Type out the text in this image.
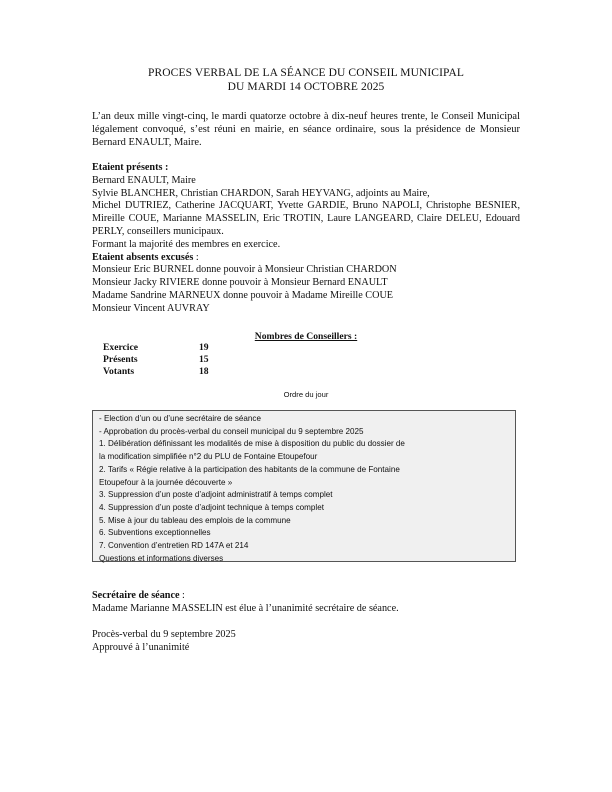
PROCES VERBAL DE LA SÉANCE DU CONSEIL MUNICIPAL
DU MARDI 14 OCTOBRE 2025
L’an deux mille vingt-cinq, le mardi quatorze octobre à dix-neuf heures trente, le Conseil Municipal légalement convoqué, s’est réuni en mairie, en séance ordinaire, sous la présidence de Monsieur Bernard ENAULT, Maire.
Etaient présents :
Bernard ENAULT, Maire
Sylvie BLANCHER, Christian CHARDON, Sarah HEYVANG, adjoints au Maire,
Michel DUTRIEZ, Catherine JACQUART, Yvette GARDIE, Bruno NAPOLI, Christophe BESNIER, Mireille COUE, Marianne MASSELIN, Eric TROTIN, Laure LANGEARD, Claire DELEU, Edouard PERLY, conseillers municipaux.
Formant la majorité des membres en exercice.
Etaient absents excusés :
Monsieur Eric BURNEL donne pouvoir à Monsieur Christian CHARDON
Monsieur Jacky RIVIERE donne pouvoir à Monsieur Bernard ENAULT
Madame Sandrine MARNEUX donne pouvoir à Madame Mireille COUE
Monsieur Vincent AUVRAY
Nombres de Conseillers :
Exercice	19
Présents	15
Votants	18
Ordre du jour
- Election d’un ou d’une secrétaire de séance
- Approbation du procès-verbal du conseil municipal du 9 septembre 2025
1. Délibération définissant les modalités de mise à disposition du public du dossier de
la modification simplifiée n°2 du PLU de Fontaine Etoupefour
2. Tarifs « Régie relative à la participation des habitants de la commune de Fontaine
Etoupefour à la journée découverte »
3. Suppression d’un poste d’adjoint administratif à temps complet
4. Suppression d’un poste d’adjoint technique à temps complet
5. Mise à jour du tableau des emplois de la commune
6. Subventions exceptionnelles
7. Convention d’entretien RD 147A et 214
Questions et informations diverses
Secrétaire de séance :
Madame Marianne MASSELIN est élue à l’unanimité secrétaire de séance.
Procès-verbal du 9 septembre 2025
Approuvé à l’unanimité
